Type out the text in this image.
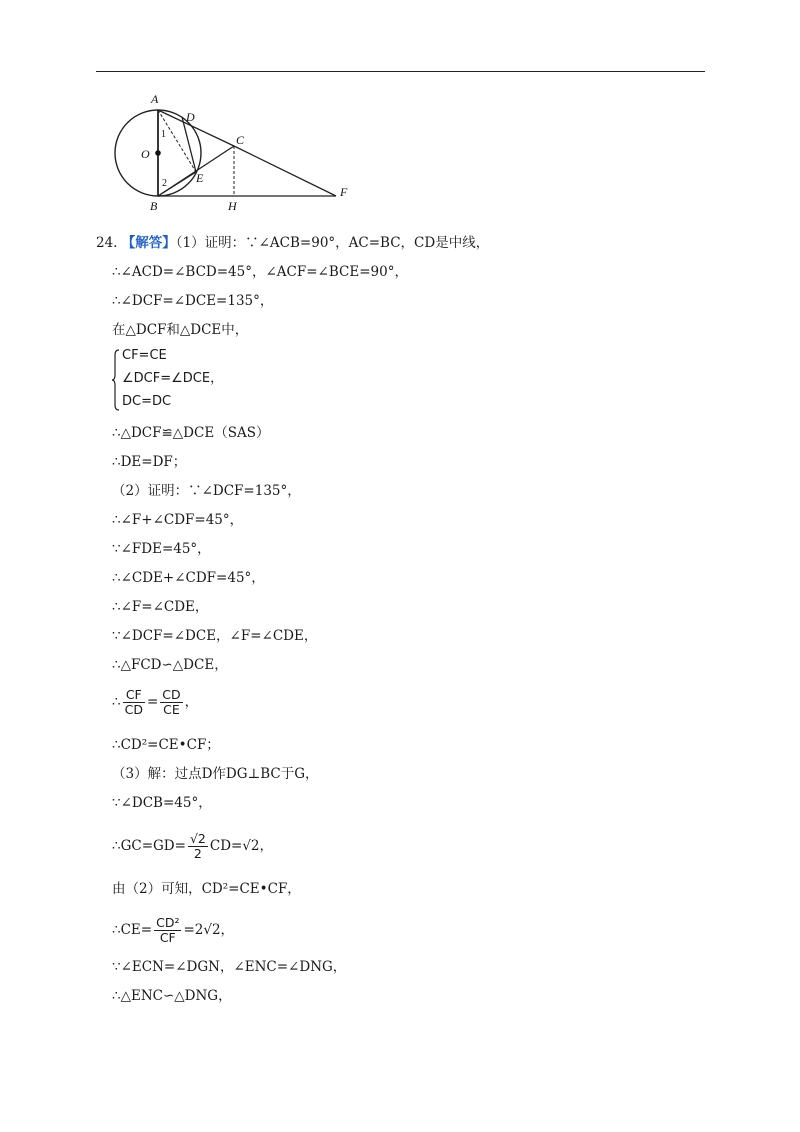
A
D
C
O
E
F
B	H
1
2
24. 【解答】（1）证明：∵∠ACB=90°，AC=BC，CD是中线，
∴∠ACD=∠BCD=45°，∠ACF=∠BCE=90°，
∴∠DCF=∠DCE=135°，
在△DCF和△DCE中，
CF=CE
∠DCF=∠DCE，
DC=DC
∴△DCF≌△DCE（SAS）
∴DE=DF；
（2）证明：∵∠DCF=135°，
∴∠F+∠CDF=45°，
∵∠FDE=45°，
∴∠CDE+∠CDF=45°，
∴∠F=∠CDE，
∵∠DCF=∠DCE，∠F=∠CDE，
∴△FCD∽△DCE，
∴ $\frac{CF}{CD} = \frac{CD}{CE}$ ，
∴CD²=CE•CF；
（3）解：过点D作DG⊥BC于G，
∵∠DCB=45°，
∴GC=GD= $\frac{√2}{2} CD=√2$，
由（2）可知，CD²=CE•CF，
∴CE= $\frac{\text{CD²}}{CF} =2√2$，
∵∠ECN=∠DGN，∠ENC=∠DNG，
∴△ENC∽△DNG，
